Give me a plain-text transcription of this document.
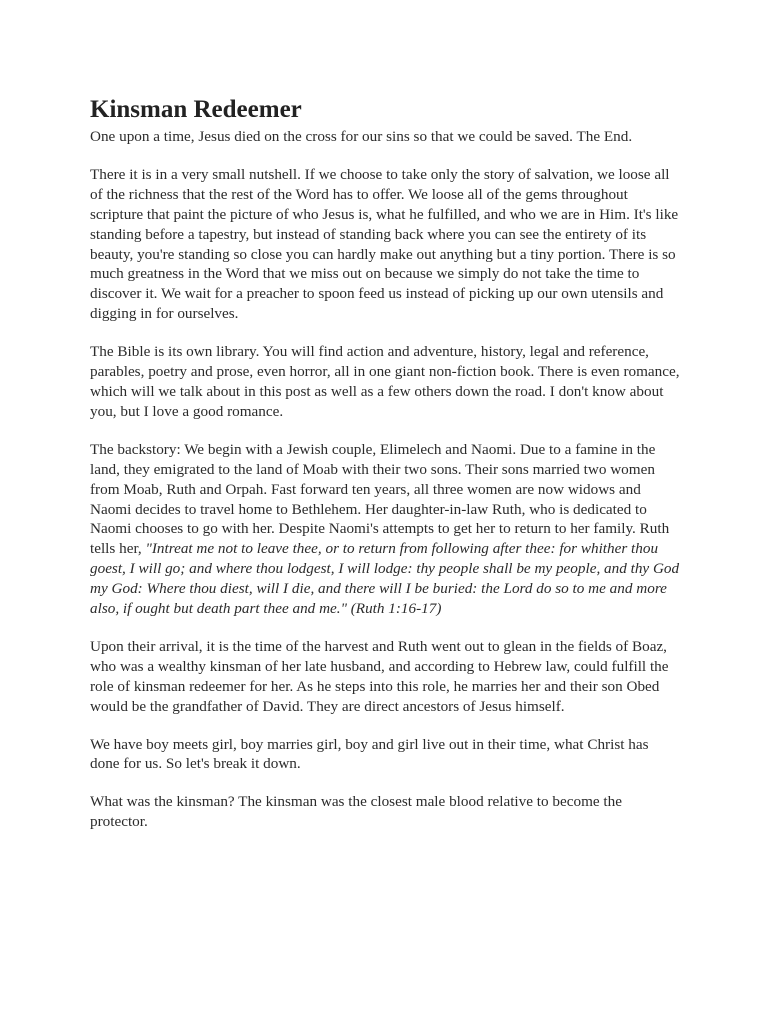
Kinsman Redeemer

One upon a time, Jesus died on the cross for our sins so that we could be saved. The End.

There it is in a very small nutshell. If we choose to take only the story of salvation, we loose all of the richness that the rest of the Word has to offer. We loose all of the gems throughout scripture that paint the picture of who Jesus is, what he fulfilled, and who we are in Him. It's like standing before a tapestry, but instead of standing back where you can see the entirety of its beauty, you're standing so close you can hardly make out anything but a tiny portion. There is so much greatness in the Word that we miss out on because we simply do not take the time to discover it. We wait for a preacher to spoon feed us instead of picking up our own utensils and digging in for ourselves.

The Bible is its own library. You will find action and adventure, history, legal and reference, parables, poetry and prose, even horror, all in one giant non-fiction book. There is even romance, which will we talk about in this post as well as a few others down the road. I don't know about you, but I love a good romance.

The backstory: We begin with a Jewish couple, Elimelech and Naomi. Due to a famine in the land, they emigrated to the land of Moab with their two sons. Their sons married two women from Moab, Ruth and Orpah. Fast forward ten years, all three women are now widows and Naomi decides to travel home to Bethlehem. Her daughter-in-law Ruth, who is dedicated to Naomi chooses to go with her. Despite Naomi's attempts to get her to return to her family. Ruth tells her, "Intreat me not to leave thee, or to return from following after thee: for whither thou goest, I will go; and where thou lodgest, I will lodge: thy people shall be my people, and thy God my God: Where thou diest, will I die, and there will I be buried: the Lord do so to me and more also, if ought but death part thee and me." (Ruth 1:16-17)

Upon their arrival, it is the time of the harvest and Ruth went out to glean in the fields of Boaz, who was a wealthy kinsman of her late husband, and according to Hebrew law, could fulfill the role of kinsman redeemer for her. As he steps into this role, he marries her and their son Obed would be the grandfather of David. They are direct ancestors of Jesus himself.

We have boy meets girl, boy marries girl, boy and girl live out in their time, what Christ has done for us. So let's break it down.

What was the kinsman? The kinsman was the closest male blood relative to become the protector.
